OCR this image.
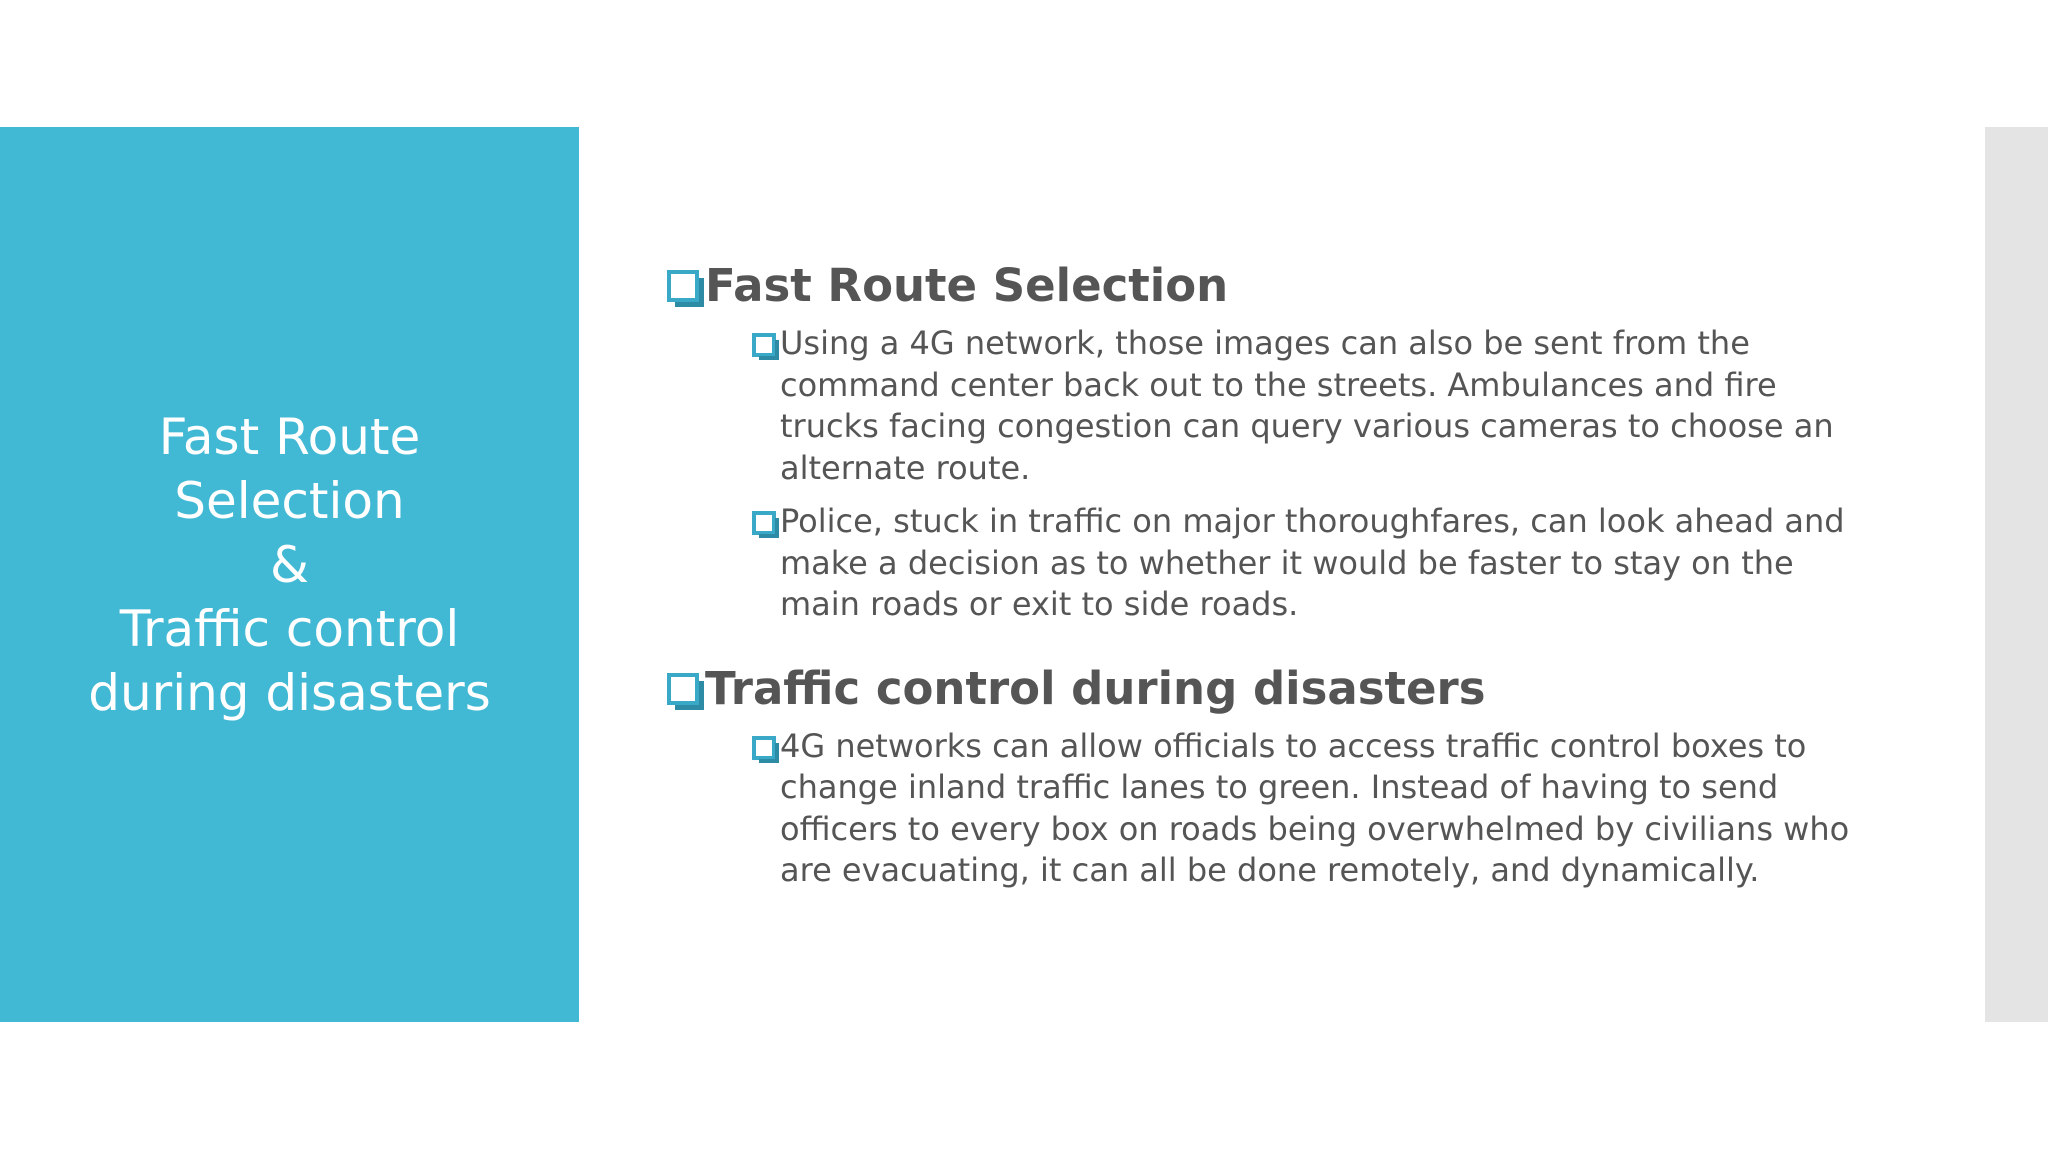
Fast Route
Selection
&
Traffic control
during disasters
Fast Route Selection
Using a 4G network, those images can also be sent from the command center back out to the streets. Ambulances and fire trucks facing congestion can query various cameras to choose an alternate route.
Police, stuck in traffic on major thoroughfares, can look ahead and make a decision as to whether it would be faster to stay on the main roads or exit to side roads.
Traffic control during disasters
4G networks can allow officials to access traffic control boxes to change inland traffic lanes to green. Instead of having to send officers to every box on roads being overwhelmed by civilians who are evacuating, it can all be done remotely, and dynamically.
